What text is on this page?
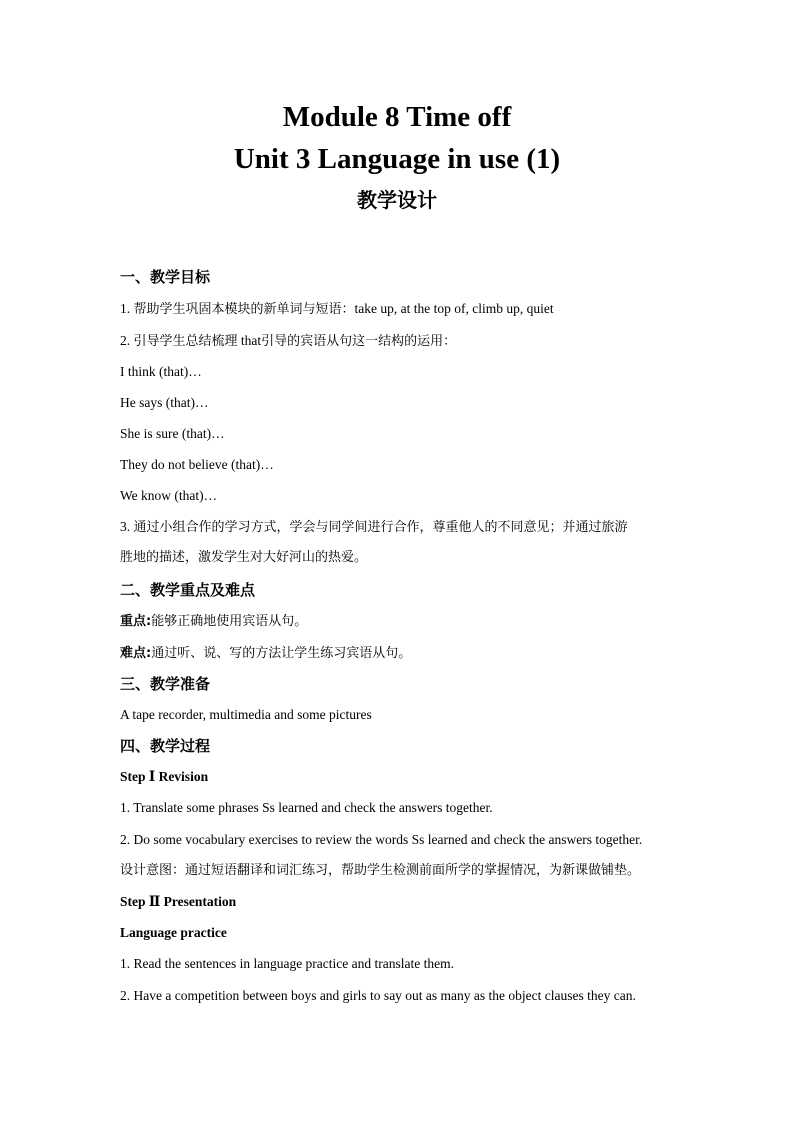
Module 8 Time off
Unit 3 Language in use (1)
教学设计
一、教学目标
1. 帮助学生巩固本模块的新单词与短语：take up, at the top of, climb up, quiet
2. 引导学生总结梳理 that引导的宾语从句这一结构的运用：
I think (that)…
He says (that)…
She is sure (that)…
They do not believe (that)…
We know (that)…
3. 通过小组合作的学习方式，学会与同学间进行合作，尊重他人的不同意见；并通过旅游
胜地的描述，激发学生对大好河山的热爱。
二、教学重点及难点
重点:能够正确地使用宾语从句。
难点:通过听、说、写的方法让学生练习宾语从句。
三、教学准备
A tape recorder, multimedia and some pictures
四、教学过程
Step Ⅰ Revision
1. Translate some phrases Ss learned and check the answers together.
2. Do some vocabulary exercises to review the words Ss learned and check the answers together.
设计意图：通过短语翻译和词汇练习，帮助学生检测前面所学的掌握情况，为新课做铺垫。
Step Ⅱ Presentation
Language practice
1. Read the sentences in language practice and translate them.
2. Have a competition between boys and girls to say out as many as the object clauses they can.
